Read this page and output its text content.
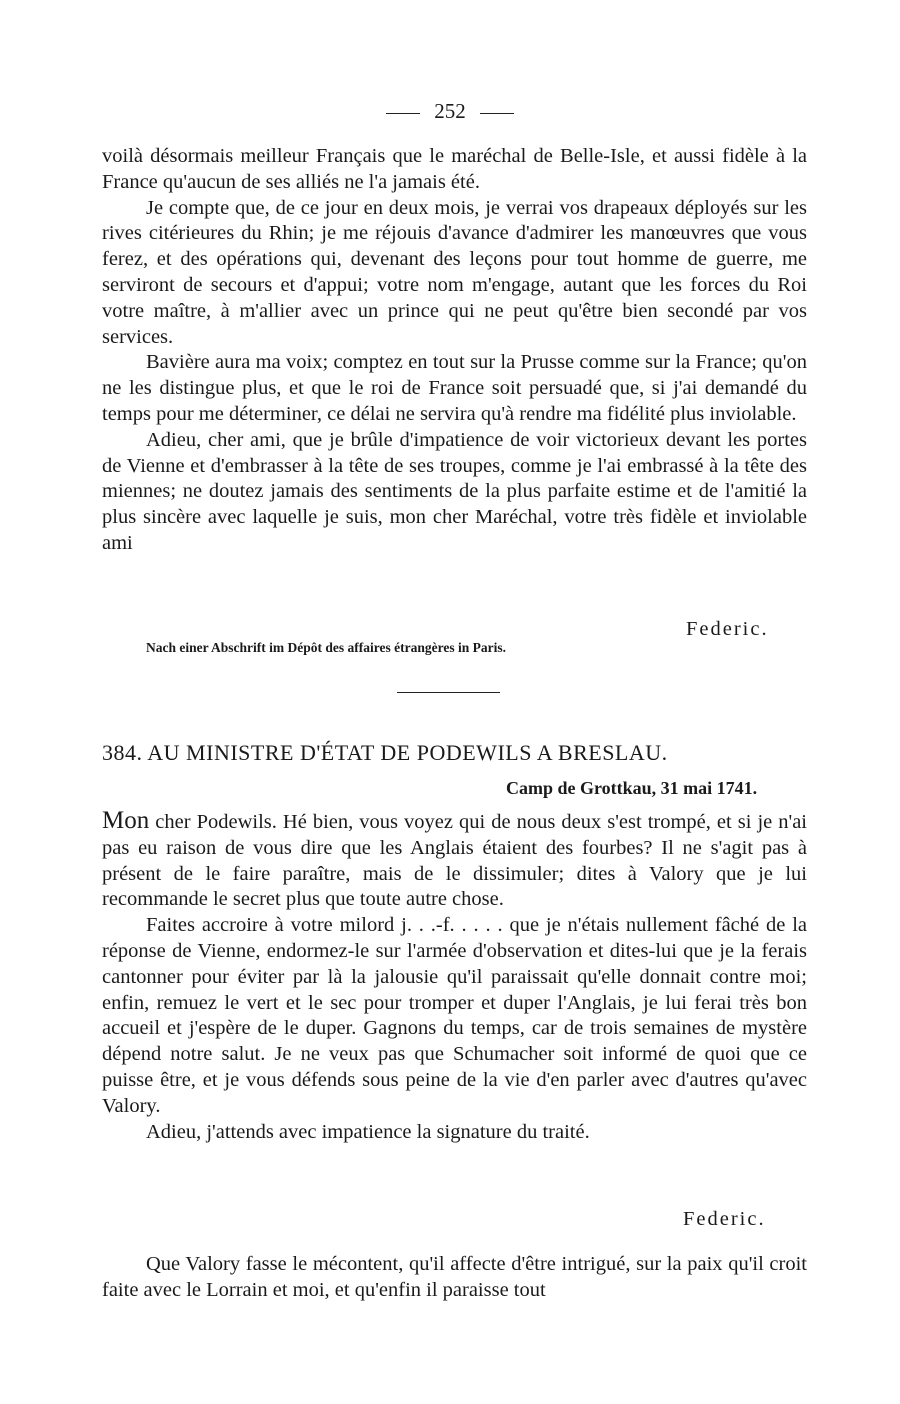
252

voilà désormais meilleur Français que le maréchal de Belle-Isle, et aussi fidèle à la France qu'aucun de ses alliés ne l'a jamais été.

Je compte que, de ce jour en deux mois, je verrai vos drapeaux déployés sur les rives citérieures du Rhin; je me réjouis d'avance d'admirer les manœuvres que vous ferez, et des opérations qui, devenant des leçons pour tout homme de guerre, me serviront de secours et d'appui; votre nom m'engage, autant que les forces du Roi votre maître, à m'allier avec un prince qui ne peut qu'être bien secondé par vos services.

Bavière aura ma voix; comptez en tout sur la Prusse comme sur la France; qu'on ne les distingue plus, et que le roi de France soit persuadé que, si j'ai demandé du temps pour me déterminer, ce délai ne servira qu'à rendre ma fidélité plus inviolable.

Adieu, cher ami, que je brûle d'impatience de voir victorieux devant les portes de Vienne et d'embrasser à la tête de ses troupes, comme je l'ai embrassé à la tête des miennes; ne doutez jamais des sentiments de la plus parfaite estime et de l'amitié la plus sincère avec laquelle je suis, mon cher Maréchal, votre très fidèle et inviolable ami

Federic.
Nach einer Abschrift im Dépôt des affaires étrangères in Paris.
384. AU MINISTRE D'ÉTAT DE PODEWILS A BRESLAU.
Camp de Grottkau, 31 mai 1741.

Mon cher Podewils. Hé bien, vous voyez qui de nous deux s'est trompé, et si je n'ai pas eu raison de vous dire que les Anglais étaient des fourbes? Il ne s'agit pas à présent de le faire paraître, mais de le dissimuler; dites à Valory que je lui recommande le secret plus que toute autre chose.

Faites accroire à votre milord j. . .-f. . . . . que je n'étais nullement fâché de la réponse de Vienne, endormez-le sur l'armée d'observation et dites-lui que je la ferais cantonner pour éviter par là la jalousie qu'il paraissait qu'elle donnait contre moi; enfin, remuez le vert et le sec pour tromper et duper l'Anglais, je lui ferai très bon accueil et j'espère de le duper. Gagnons du temps, car de trois semaines de mystère dépend notre salut. Je ne veux pas que Schumacher soit informé de quoi que ce puisse être, et je vous défends sous peine de la vie d'en parler avec d'autres qu'avec Valory.

Adieu, j'attends avec impatience la signature du traité.

Federic.

Que Valory fasse le mécontent, qu'il affecte d'être intrigué, sur la paix qu'il croit faite avec le Lorrain et moi, et qu'enfin il paraisse tout
